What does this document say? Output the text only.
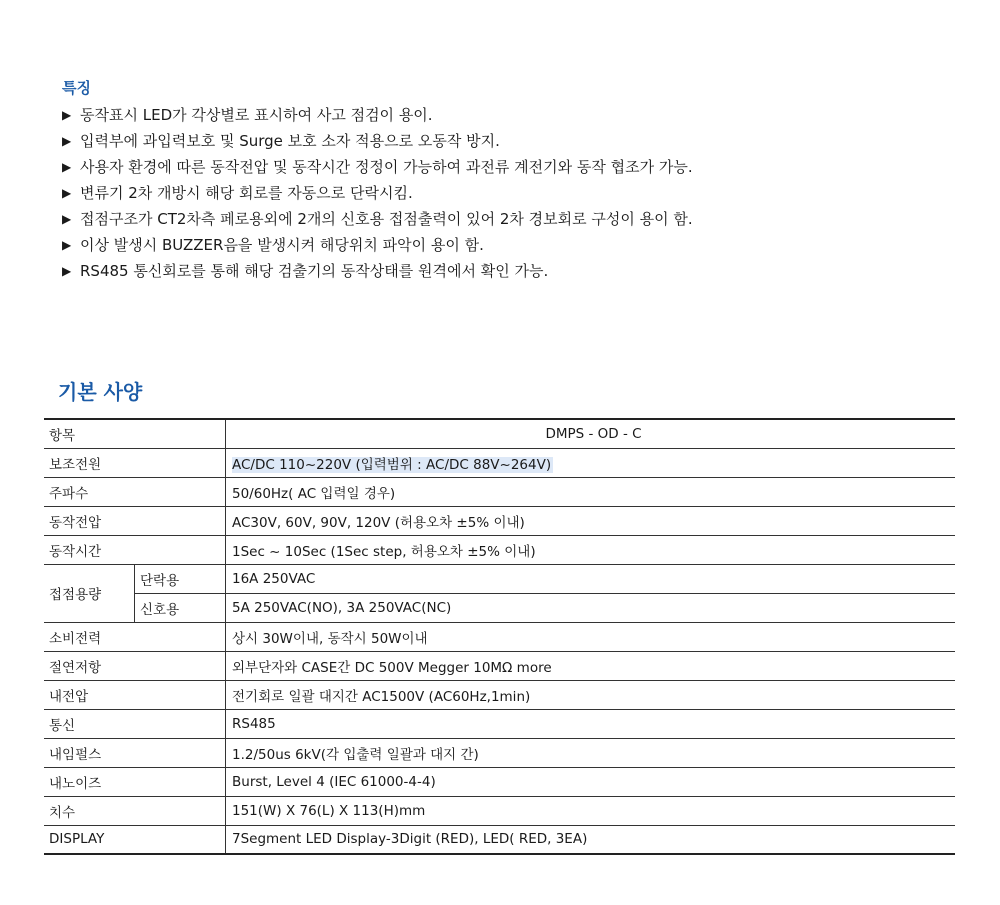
특징
▶ 동작표시 LED가 각상별로 표시하여 사고 점검이 용이.
▶ 입력부에 과입력보호 및 Surge 보호 소자 적용으로 오동작 방지.
▶ 사용자 환경에 따른 동작전압 및 동작시간 정정이 가능하여 과전류 계전기와 동작 협조가 가능.
▶ 변류기 2차 개방시 해당 회로를 자동으로 단락시킴.
▶ 접점구조가 CT2차측 페로용외에 2개의 신호용 접점출력이 있어 2차 경보회로 구성이 용이 함.
▶ 이상 발생시 BUZZER음을 발생시켜 해당위치 파악이 용이 함.
▶ RS485 통신회로를 통해 해당 검출기의 동작상태를 원격에서 확인 가능.
기본 사양
항목		DMPS - OD - C
보조전원		AC/DC 110~220V (입력범위 : AC/DC 88V~264V)
주파수		50/60Hz( AC 입력일 경우)
동작전압		AC30V, 60V, 90V, 120V (허용오차 ±5% 이내)
동작시간		1Sec ~ 10Sec (1Sec step, 허용오차 ±5% 이내)
접점용량	단락용	16A 250VAC
	신호용	5A 250VAC(NO), 3A 250VAC(NC)
소비전력		상시 30W이내, 동작시 50W이내
절연저항		외부단자와 CASE간 DC 500V Megger 10MΩ more
내전압		전기회로 일괄 대지간 AC1500V (AC60Hz,1min)
통신		RS485
내임펄스		1.2/50us 6kV(각 입출력 일괄과 대지 간)
내노이즈		Burst, Level 4 (IEC 61000-4-4)
치수		151(W) X 76(L) X 113(H)mm
DISPLAY		7Segment LED Display-3Digit (RED), LED( RED, 3EA)
